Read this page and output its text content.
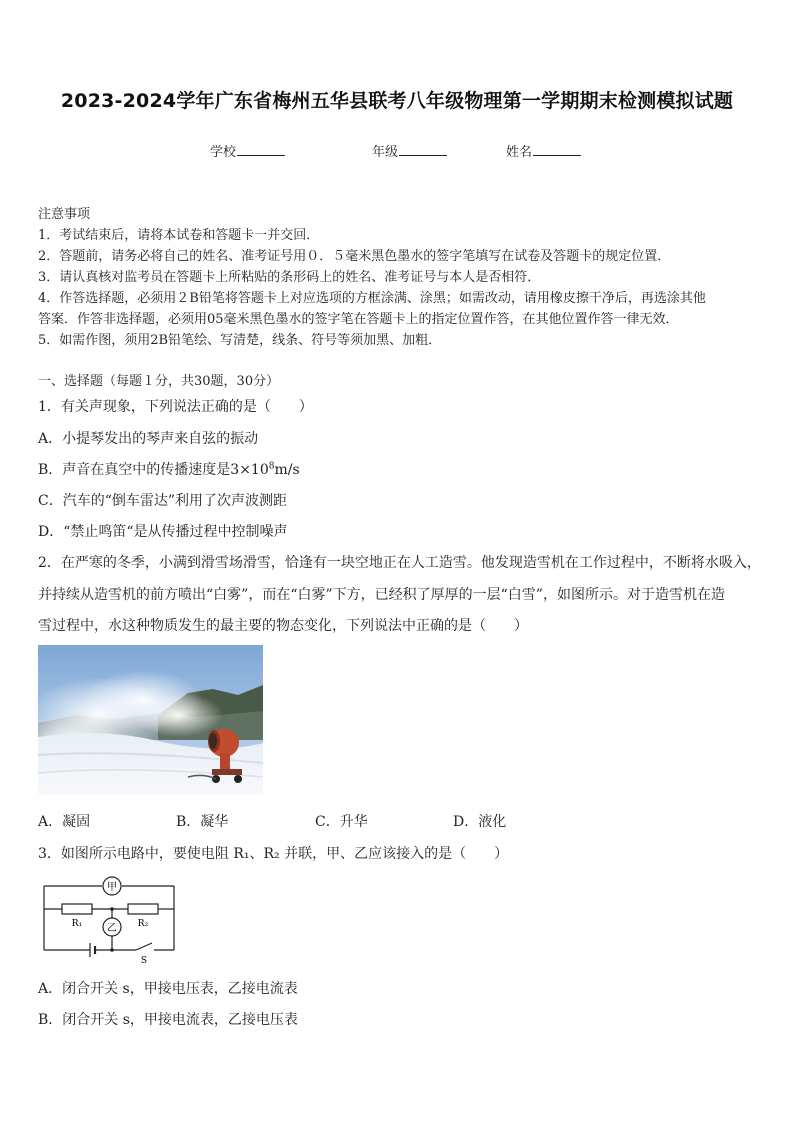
2023-2024学年广东省梅州五华县联考八年级物理第一学期期末检测模拟试题
学校	年级	姓名
注意事项
1．考试结束后，请将本试卷和答题卡一并交回．
2．答题前，请务必将自己的姓名、准考证号用０．５毫米黑色墨水的签字笔填写在试卷及答题卡的规定位置．
3．请认真核对监考员在答题卡上所粘贴的条形码上的姓名、准考证号与本人是否相符．
4．作答选择题，必须用２B铅笔将答题卡上对应选项的方框涂满、涂黑；如需改动，请用橡皮擦干净后，再选涂其他
答案．作答非选择题，必须用05毫米黑色墨水的签字笔在答题卡上的指定位置作答，在其他位置作答一律无效．
5．如需作图，须用2B铅笔绘、写清楚，线条、符号等须加黑、加粗．
一、选择题（每题１分，共30题，30分）
1．有关声现象，下列说法正确的是（　　）
A．小提琴发出的琴声来自弦的振动
B．声音在真空中的传播速度是$3\times 10^8m/s$
C．汽车的“倒车雷达”利用了次声波测距
D．“禁止鸣笛“是从传播过程中控制噪声
2．在严寒的冬季，小满到滑雪场滑雪，恰逢有一块空地正在人工造雪。他发现造雪机在工作过程中，不断将水吸入，
并持续从造雪机的前方喷出“白雾”，而在“白雾”下方，已经积了厚厚的一层“白雪”，如图所示。对于造雪机在造
雪过程中，水这种物质发生的最主要的物态变化，下列说法中正确的是（　　）
A．凝固	B．凝华	C．升华	D．液化
3．如图所示电路中，要使电阻 R₁、R₂ 并联，甲、乙应该接入的是（　　）
甲
乙
R₁	R₂
S
A．闭合开关 s，甲接电压表，乙接电流表
B．闭合开关 s，甲接电流表，乙接电压表
